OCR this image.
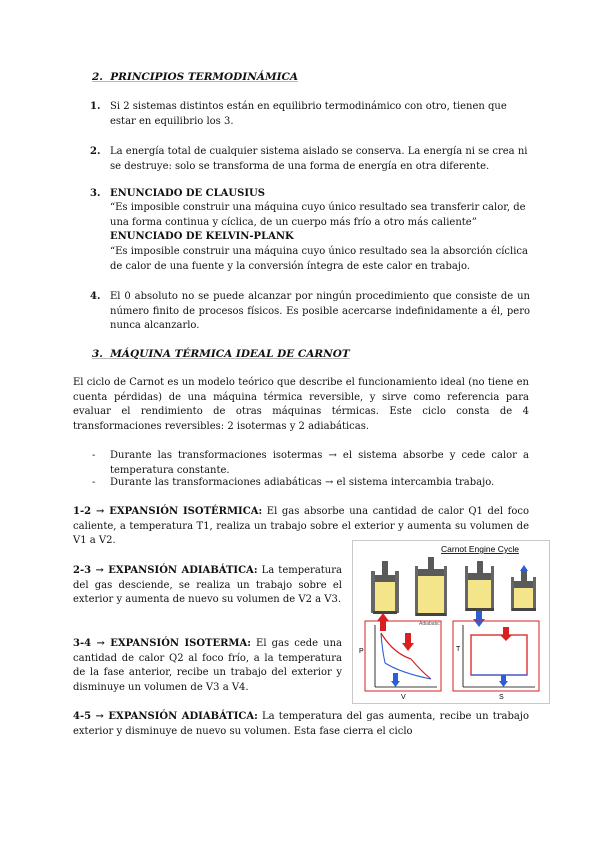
2. PRINCIPIOS TERMODINÁMICA
1. Si 2 sistemas distintos están en equilibrio termodinámico con otro, tienen que estar en equilibrio los 3.
2. La energía total de cualquier sistema aislado se conserva. La energía ni se crea ni se destruye: solo se transforma de una forma de energía en otra diferente.
3. ENUNCIADO DE CLAUSIUS
“Es imposible construir una máquina cuyo único resultado sea transferir calor, de una forma continua y cíclica, de un cuerpo más frío a otro más caliente”
ENUNCIADO DE KELVIN-PLANK
“Es imposible construir una máquina cuyo único resultado sea la absorción cíclica de calor de una fuente y la conversión íntegra de este calor en trabajo.
4. El 0 absoluto no se puede alcanzar por ningún procedimiento que consiste de un número finito de procesos físicos. Es posible acercarse indefinidamente a él, pero nunca alcanzarlo.
3. MÁQUINA TÉRMICA IDEAL DE CARNOT
El ciclo de Carnot es un modelo teórico que describe el funcionamiento ideal (no tiene en cuenta pérdidas) de una máquina térmica reversible, y sirve como referencia para evaluar el rendimiento de otras máquinas térmicas. Este ciclo consta de 4 transformaciones reversibles: 2 isotermas y 2 adiabáticas.
- Durante las transformaciones isotermas → el sistema absorbe y cede calor a temperatura constante.
- Durante las transformaciones adiabáticas → el sistema intercambia trabajo.
1-2 → EXPANSIÓN ISOTÉRMICA: El gas absorbe una cantidad de calor Q1 del foco caliente, a temperatura T1, realiza un trabajo sobre el exterior y aumenta su volumen de V1 a V2.
2-3 → EXPANSIÓN ADIABÁTICA: La temperatura del gas desciende, se realiza un trabajo sobre el exterior y aumenta de nuevo su volumen de V2 a V3.
3-4 → EXPANSIÓN ISOTERMA: El gas cede una cantidad de calor Q2 al foco frío, a la temperatura de la fase anterior, recibe un trabajo del exterior y disminuye un volumen de V3 a V4.
4-5 → EXPANSIÓN ADIABÁTICA: La temperatura del gas aumenta, recibe un trabajo exterior y disminuye de nuevo su volumen. Esta fase cierra el ciclo
Carnot Engine Cycle
Adiabatic
P
V
T
S
